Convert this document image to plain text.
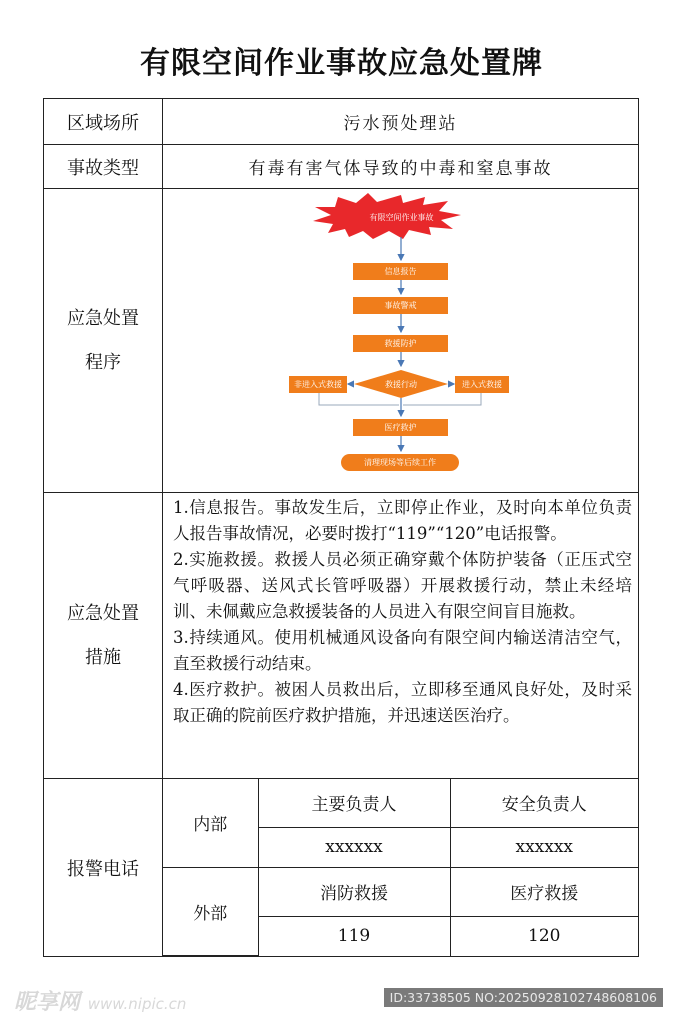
有限空间作业事故应急处置牌
区域场所	污水预处理站
事故类型	有毒有害气体导致的中毒和窒息事故

应急处置
程序

有限空间作业事故
信息报告
事故警戒
救援防护
救援行动
非进入式救援	进入式救援
医疗救护
清理现场等后续工作

应急处置
措施

1.信息报告。事故发生后，立即停止作业，及时向本单位负责人报告事故情况，必要时拨打“119”“120”电话报警。

2.实施救援。救援人员必须正确穿戴个体防护装备（正压式空气呼吸器、送风式长管呼吸器）开展救援行动，禁止未经培训、未佩戴应急救援装备的人员进入有限空间盲目施救。

3.持续通风。使用机械通风设备向有限空间内输送清洁空气，直至救援行动结束。

4.医疗救护。被困人员救出后，立即移至通风良好处，及时采取正确的院前医疗救护措施，并迅速送医治疗。

报警电话	
内部	主要负责人	安全负责人
xxxxxx	xxxxxx
外部	消防救援	医疗救援
119	120
昵享网 www.nipic.cn	ID:33738505 NO:20250928102748608106
